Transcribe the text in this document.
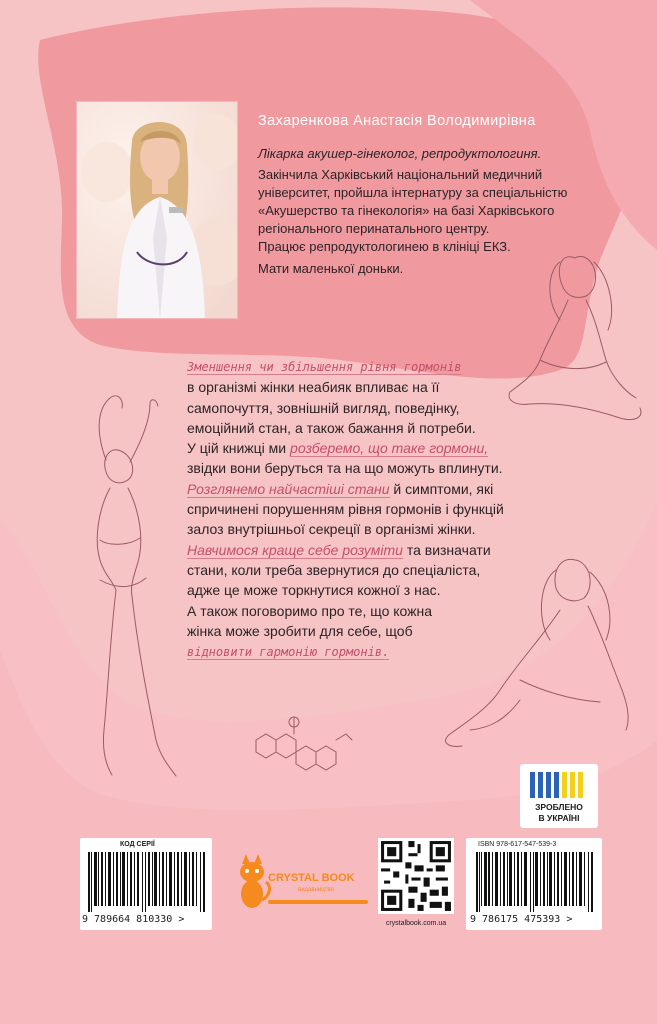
Захаренкова Анастасія Володимирівна
Лікарка акушер-гінеколог, репродуктологиня.

Закінчила Харківський національний медичний

університет, пройшла інтернатуру за спеціальністю

«Акушерство та гінекологія» на базі Харківського

регіонального перинатального центру.

Працює репродуктологинею в клініці ЕКЗ.

Мати маленької доньки.

Зменшення чи збільшення рівня гормонів
в організмі жінки неабияк впливає на її
самопочуття, зовнішній вигляд, поведінку,
емоційний стан, а також бажання й потреби.
У цій книжці ми розберемо, що таке гормони,
звідки вони беруться та на що можуть вплинути.
Розглянемо найчастіші стани й симптоми, які
спричинені порушенням рівня гормонів і функцій
залоз внутрішньої секреції в організмі жінки.
Навчимося краще себе розуміти та визначати
стани, коли треба звернутися до спеціаліста,
адже це може торкнутися кожної з нас.
А також поговоримо про те, що кожна
жінка може зробити для себе, щоб
відновити гармонію гормонів.
ЗРОБЛЕНО
В УКРАЇНІ
КОД СЕРІЇ
9 789664 810330 >
CRYSTAL BOOK
видавництво
crystalbook.com.ua
ISBN 978-617-547-539-3
9 786175 475393 >
